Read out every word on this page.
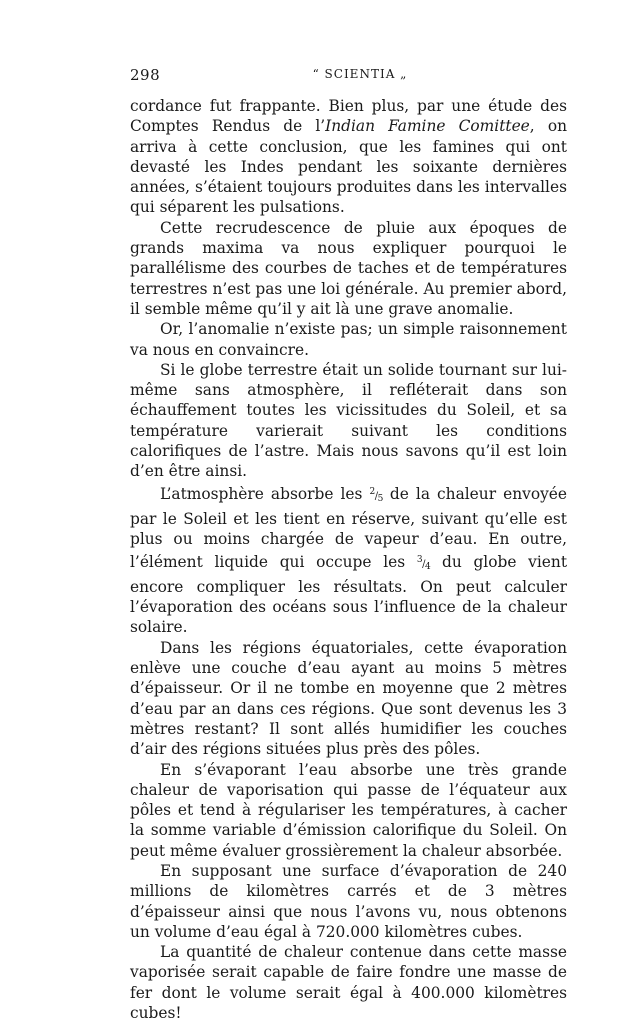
298	“ SCIENTIA „

cordance fut frappante. Bien plus, par une étude des Comptes Rendus de l’Indian Famine Comittee, on arriva à cette conclusion, que les famines qui ont devasté les Indes pendant les soixante dernières années, s’étaient toujours produites dans les intervalles qui séparent les pulsations.

Cette recrudescence de pluie aux époques de grands maxima va nous expliquer pourquoi le parallélisme des courbes de taches et de températures terrestres n’est pas une loi générale. Au premier abord, il semble même qu’il y ait là une grave anomalie.

Or, l’anomalie n’existe pas; un simple raisonnement va nous en convaincre.

Si le globe terrestre était un solide tournant sur lui-même sans atmosphère, il refléterait dans son échauffement toutes les vicissitudes du Soleil, et sa température varierait suivant les conditions calorifiques de l’astre. Mais nous savons qu’il est loin d’en être ainsi.

L’atmosphère absorbe les $^2/_5$ de la chaleur envoyée par le Soleil et les tient en réserve, suivant qu’elle est plus ou moins chargée de vapeur d’eau. En outre, l’élément liquide qui occupe les $^3/_4$ du globe vient encore compliquer les résultats. On peut calculer l’évaporation des océans sous l’influence de la chaleur solaire.

Dans les régions équatoriales, cette évaporation enlève une couche d’eau ayant au moins 5 mètres d’épaisseur. Or il ne tombe en moyenne que 2 mètres d’eau par an dans ces régions. Que sont devenus les 3 mètres restant? Il sont allés humidifier les couches d’air des régions situées plus près des pôles.

En s’évaporant l’eau absorbe une très grande chaleur de vaporisation qui passe de l’équateur aux pôles et tend à régulariser les températures, à cacher la somme variable d’émission calorifique du Soleil. On peut même évaluer grossièrement la chaleur absorbée.

En supposant une surface d’évaporation de 240 millions de kilomètres carrés et de 3 mètres d’épaisseur ainsi que nous l’avons vu, nous obtenons un volume d’eau égal à 720.000 kilomètres cubes.

La quantité de chaleur contenue dans cette masse vaporisée serait capable de faire fondre une masse de fer dont le volume serait égal à 400.000 kilomètres cubes!
